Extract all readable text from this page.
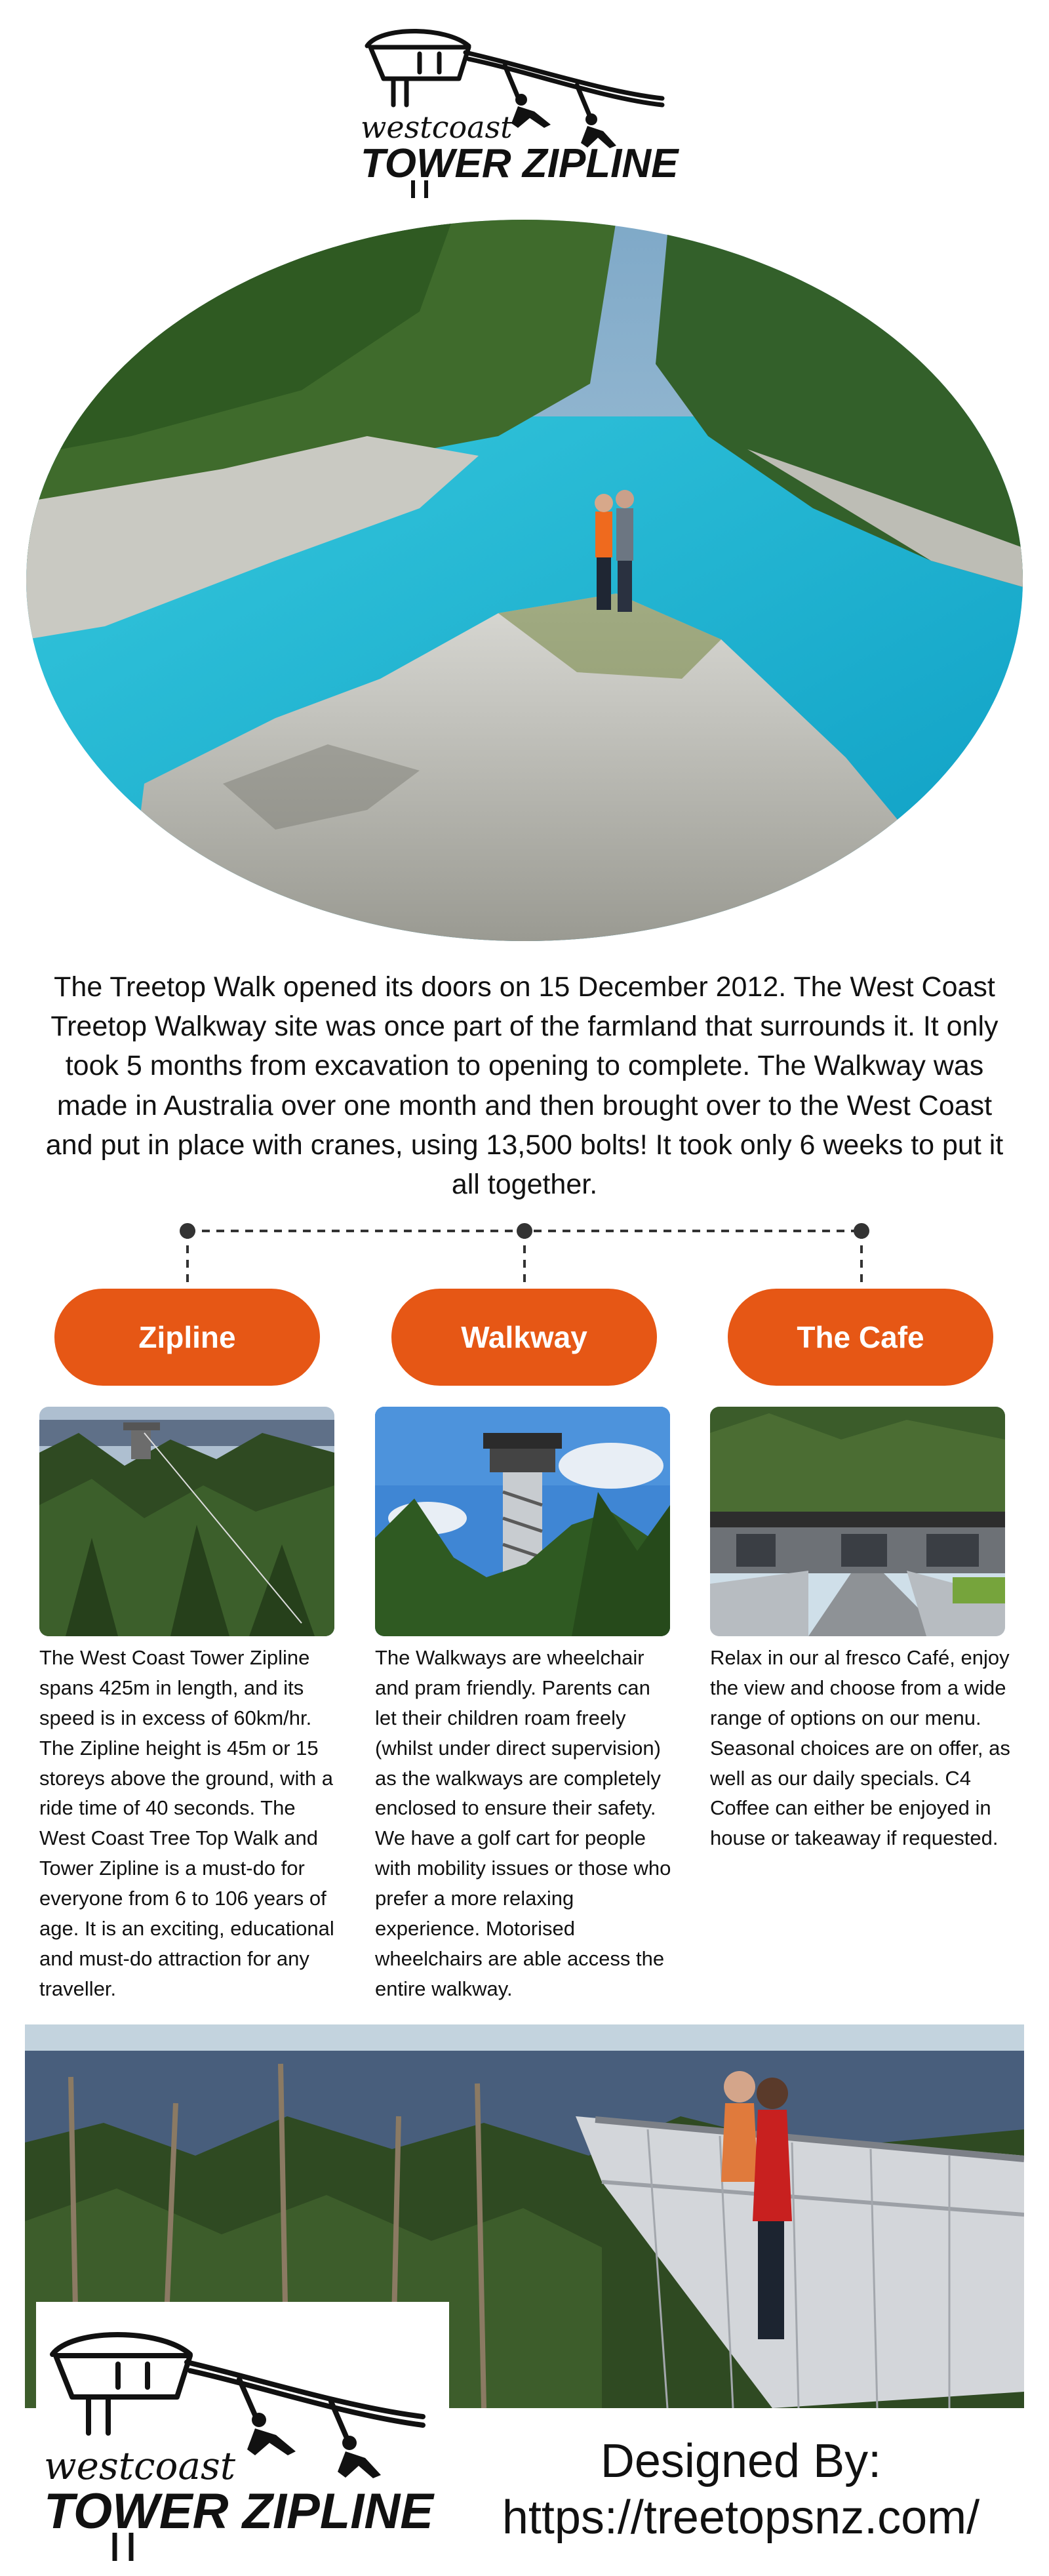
westcoast
TOWER ZIPLINE
The Treetop Walk opened its doors on 15 December 2012. The West Coast Treetop Walkway site was once part of the farmland that surrounds it. It only took 5 months from excavation to opening to complete. The Walkway was made in Australia over one month and then brought over to the West Coast and put in place with cranes, using 13,500 bolts! It took only 6 weeks to put it all together.
Zipline	Walkway	The Cafe
The West Coast Tower Zipline spans 425m in length, and its speed is in excess of 60km/hr. The Zipline height is 45m or 15 storeys above the ground, with a ride time of 40 seconds. The West Coast Tree Top Walk and Tower Zipline is a must-do for everyone from 6 to 106 years of age. It is an exciting, educational and must-do attraction for any traveller.
The Walkways are wheelchair and pram friendly. Parents can let their children roam freely (whilst under direct supervision) as the walkways are completely enclosed to ensure their safety. We have a golf cart for people with mobility issues or those who prefer a more relaxing experience. Motorised wheelchairs are able access the entire walkway.
Relax in our al fresco Café, enjoy the view and choose from a wide range of options on our menu. Seasonal choices are on offer, as well as our daily specials. C4 Coffee can either be enjoyed in house or takeaway if requested.
westcoast
TOWER ZIPLINE
Designed By:
https://treetopsnz.com/
